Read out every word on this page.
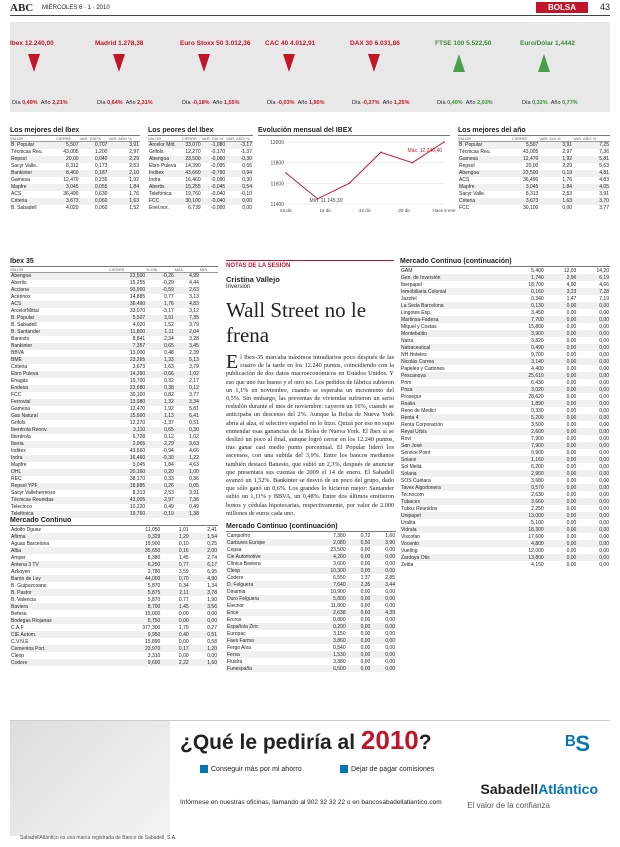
ABC MIÉRCOLES 6 · 1 · 2010	BOLSA	43
Ibex 12.240,00
Día 0,49%  Año 2,21%
Madrid 1.278,38
Día 0,64%  Año 2,31%
Euro Stoxx 50 3.012,36
Día -0,18%  Año 1,55%
CAC 40 4.012,91
Día -0,03%  Año 1,95%
DAX 30 6.031,86
Día -0,27%  Año 1,25%
FTSE 100 5.522,50
Día 0,40%  Año 2,03%
Euro/Dólar 1,4442
Día 0,32%  Año 0,77%
Los mejores del Ibex
VALOR	CIERRE	VAR. DÍA %	VAR. AÑO %
B. Popular	5,507	0,707	3,91
Técnicas Reu.	43,005	1,200	2,97
Repsol	20,00	0,040	2,29
Sacyr Valle.	8,312	0,173	2,53
Bankinter	8,460	0,187	2,10
Gamesa	12,470	0,235	1,92
Mapfre	3,045	0,055	1,84
ACS	36,490	0,630	1,76
Criteria	3,673	0,060	1,63
B. Sabadell	4,020	0,060	1,52
Los peores del Ibex
VALOR	CIERRE	VAR. DÍA %	VAR. AÑO %
Arcelor Mitt.	33,070	-1,080	-3,17
Grifols	12,270	-0,170	-1,37
Abengoa	23,500	-0,060	-0,30
Ebro Puleva	14,390	-0,095	0,66
Inditex	43,660	-0,790	0,94
Indra	16,460	-0,090	0,30
Abertis	15,255	-0,045	0,54
Telefónica	19,760	-0,040	-0,10
FCC	30,100	-0,040	0,00
Enel.nor.	6,739	-0,000	0,00
Evolución mensual del IBEX
12000
11800
11600
11400
03 dic	15 dic	22 dic	29 dic	Hace 6 ene
Máx. 12.240,40
Mín. 11.145,30
Los mejores del año
VALOR	CIERRE	VAR. DÍA %	VAR. AÑO %
B. Popular	5,507	3,91	7,25
Técnicas Reu.	43,005	2,97	7,36
Gamesa	12,470	1,92	5,81
Repsol	20,00	2,29	5,63
Abengoa	23,500	0,19	4,81
ACS	36,490	1,76	4,83
Mapfre	3,045	1,84	4,05
Sacyr Valle.	8,313	2,53	3,91
Criteria	3,673	1,63	3,70
FCC	30,100	0,00	3,77
Ibex 35
VALOR	CIERRE	% DÍA	MÁX.	MÍN.
Abengoa	23,500	-0,26	4,99	
Abertis	15,255	-0,29	4,44	
Acciona	93,900	-0,59	2,63	
Acerinox	14,885	0,77	3,13	
ACS	36,490	1,76	4,83	
ArcelorMittal	33,070	-3,17	3,12	
B. Popular	5,507	3,91	7,35	
B. Sabadell	4,020	1,52	3,79	
B. Santander	11,800	1,11	2,04	
Banesto	8,841	2,34	3,28	
Bankinter	7,357	0,65	3,45	
BBVA	13,000	0,48	2,39	
BME	23,265	1,33	5,13	
Criteria	3,673	1,63	3,79	
Ebro Puleva	14,390	-0,66	1,02	
Enagás	15,700	0,32	2,17	
Endesa	23,680	0,38	0,12	
FCC	30,100	0,82	3,77	
Ferrovial	13,080	1,32	3,34	
Gamesa	12,470	1,92	5,81	
Gas Natural	15,600	1,13	6,41	
Grifols	12,270	-1,37	0,51	
Iberdrola Renov.	3,110	0,65	0,30	
Iberdrola	6,728	0,12	1,02	
Iberia	2,065	2,29	3,63	
Inditex	43,660	-0,94	4,66	
Indra	16,460	-0,30	1,22	
Mapfre	3,045	1,84	4,63	
OHL	20,160	0,20	1,00	
REC	38,170	0,33	0,36	
Repsol YPF	18,885	0,26	0,05	
Sacyr Vallehermoso	8,313	2,53	3,91	
Técnicas Reunidas	43,005	2,97	7,36	
Telecinco	10,220	0,49	0,49	
Telefónica	19,760	-0,10	1,38	
Mercado Continuo
Adolfo Dguez	11,050	1,01	2,41
Afirma	0,329	1,20	1,54
Aguas Barcelona	19,900	0,10	0,25
Alba	35,650	0,16	2,00
Amper	8,380	1,45	2,74
Antena 3 TV	6,250	0,77	6,17
Azkoyen	3,780	3,59	6,95
Barón de Ley	44,000	0,70	4,90
B. Guipuzcoano	5,870	0,34	1,34
B. Pastor	5,875	2,11	3,78
B. Valencia	5,870	0,77	1,90
Baviera	8,700	1,45	3,56
Befesa	15,000	0,00	0,00
Bodegas Riojanas	5,750	0,00	0,00
C.A.F	377,300	1,79	0,27
CIE Autom.	9,950	0,40	0,51
C.V.N.E	15,890	0,00	0,58
Cementos Port.	23,970	0,17	1,20
Cleop	3,310	0,00	0,00
Codere	9,600	2,22	1,60
NOTAS DE LA SESIÓN
Cristina Vallejo
Inversión
Wall Street no le frena
El Ibex-35 marcaba máximos intradiarios poco después de las cuatro de la tarde en los 12.240 puntos, coincidiendo con la publicación de dos datos macroeconómicos en Estados Unidos. Y eso que uno fue bueno y el otro no. Los pedidos de fábrica subieron un 1,1% en noviembre, cuando se esperaba un incremento del 0,5%. Sin embargo, las preventas de viviendas sufrieron un serio resbalón durante el mes de noviembre: cayeron un 16%, cuando se anticipaba un descenso del 2%. Aunque la Bolsa de Nueva York abría al alza, el selectivo español no lo hizo. Quizá por eso no supo enmendar esas ganancias de la Bolsa de Nueva York. El Ibex sí se deslizó un poco al final, aunque logró cerrar en los 12.240 puntos, tras ganar casi medio punto porcentual. El Popular lideró los ascensos, con una subida del 3,9%. Entre los bancos medianos también destacó Banesto, que subió un 2,3%, después de anunciar que presentará sus cuentas de 2009 el 14 de enero. El Sabadell avanzó un 1,52%. Bankinter se desvió de un poco del grupo, dado que sólo ganó un 0,6%. Los grandes lo hicieron mejor: Santander subió un 1,11% y BBVA, un 0,48%. Entre dos últimos emitieron bonos y cédulas hipotecarias, respectivamente, por valor de 2.000 millones de euros cada uno.
Mercado Continuo (continuación)
Campofrío	7,380	0,72	1,60
Carbures Europe	2,080	0,50	3,90
Cepsa	23,500	0,00	0,00
Cie Automotive	4,200	0,00	0,00
Clínica Baviera	3,600	0,00	0,00
Cleop	10,300	0,00	0,00
Codere	6,550	1,37	2,85
D. Felguera	7,640	2,35	3,44
Dinamia	10,900	0,00	0,00
Duro Felguera	5,800	0,00	0,00
Elecnor	11,800	0,00	0,00
Ence	2,638	0,60	4,39
Ercros	0,800	0,00	0,00
Española Zinc	0,200	0,00	0,00
Europac	3,150	0,00	0,00
Faes Farma	3,860	0,00	0,00
Fergo Aisa	0,540	0,00	0,00
Fersa	1,530	0,00	0,00
Fluidra	3,380	0,00	0,00
Funespaña	6,500	0,00	0,00
Mercado Continuo (continuación)
GAM	5,400	12,03	14,20
Gen. de Inversión	1,740	2,96	6,19
Iberpapel	18,700	4,90	4,66
Inmobiliaria Colonial	0,160	3,23	7,28
Jazztel	0,340	1,47	7,19
La Seda Barcelona	0,130	0,00	0,00
Lingotes Esp.	3,450	0,00	0,00
Martinsa-Fadesa	7,700	0,00	0,00
Miquel y Costas	15,800	0,00	0,00
Montebalito	3,900	0,00	0,00
Natra	3,820	0,00	0,00
Natraceutical	0,490	0,00	0,00
NH Hoteles	9,700	0,00	0,00
Nicolás Correa	3,140	0,00	0,00
Papeles y Cartones	4,400	0,00	0,00
Pescanova	25,610	0,00	0,00
Prim	6,430	0,00	0,00
Prisa	3,020	0,00	0,00
Prosegur	28,620	0,00	0,00
Realia	1,890	0,00	0,00
Reno de Medici	0,330	0,00	0,00
Renta 4	5,200	0,00	0,00
Renta Corporación	3,500	0,00	0,00
Reyal Urbis	2,600	0,00	0,00
Rovi	7,900	0,00	0,00
San José	7,900	0,00	0,00
Service Point	0,900	0,00	0,00
Sniace	1,160	0,00	0,00
Sol Meliá	6,200	0,00	0,00
Solaria	2,900	0,00	0,00
SOS Cuétara	3,680	0,00	0,00
Tavex Algodonera	0,570	0,00	0,00
Tecnocom	2,630	0,00	0,00
Tubacex	3,660	0,00	0,00
Tubos Reunidos	2,250	0,00	0,00
Unipapel	13,000	0,00	0,00
Uralita	5,100	0,00	0,00
Vidrala	18,300	0,00	0,00
Viscofan	17,600	0,00	0,00
Vocento	4,800	0,00	0,00
Vueling	12,000	0,00	0,00
Zardoya Otis	13,800	0,00	0,00
Zeltia	4,150	0,00	0,00
¿Qué le pediría al 2010?
Conseguir más por mi ahorro	Dejar de pagar comisiones
Infórmese en nuestras oficinas, llamando al 902 32 32 22 o en bancosabadellatlantico.com
ᴮS
SabadellAtlántico
El valor de la confianza
SabadellAtlántico es una marca registrada de Banco de Sabadell, S.A.
